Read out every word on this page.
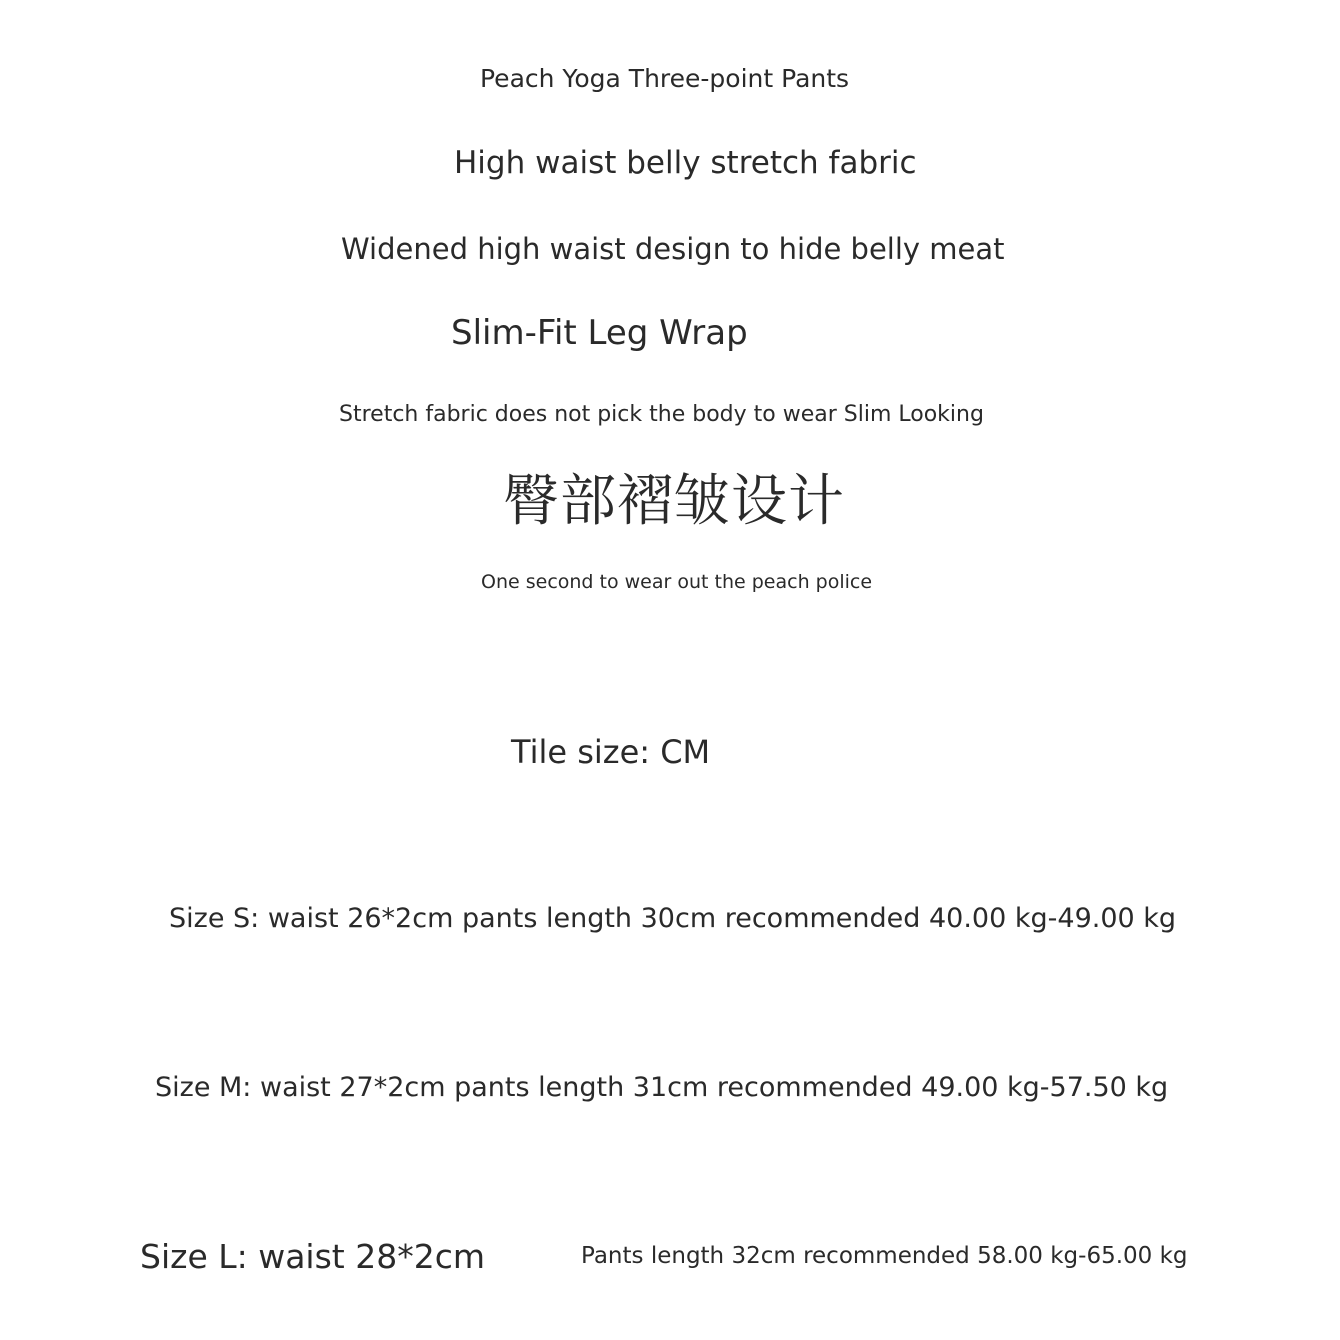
Peach Yoga Three-point Pants
High waist belly stretch fabric
Widened high waist design to hide belly meat
Slim-Fit Leg Wrap
Stretch fabric does not pick the body to wear Slim Looking
臀部褶皱设计
One second to wear out the peach police
Tile size: CM
Size S: waist 26*2cm pants length 30cm recommended 40.00 kg-49.00 kg
Size M: waist 27*2cm pants length 31cm recommended 49.00 kg-57.50 kg
Size L: waist 28*2cm	Pants length 32cm recommended 58.00 kg-65.00 kg
